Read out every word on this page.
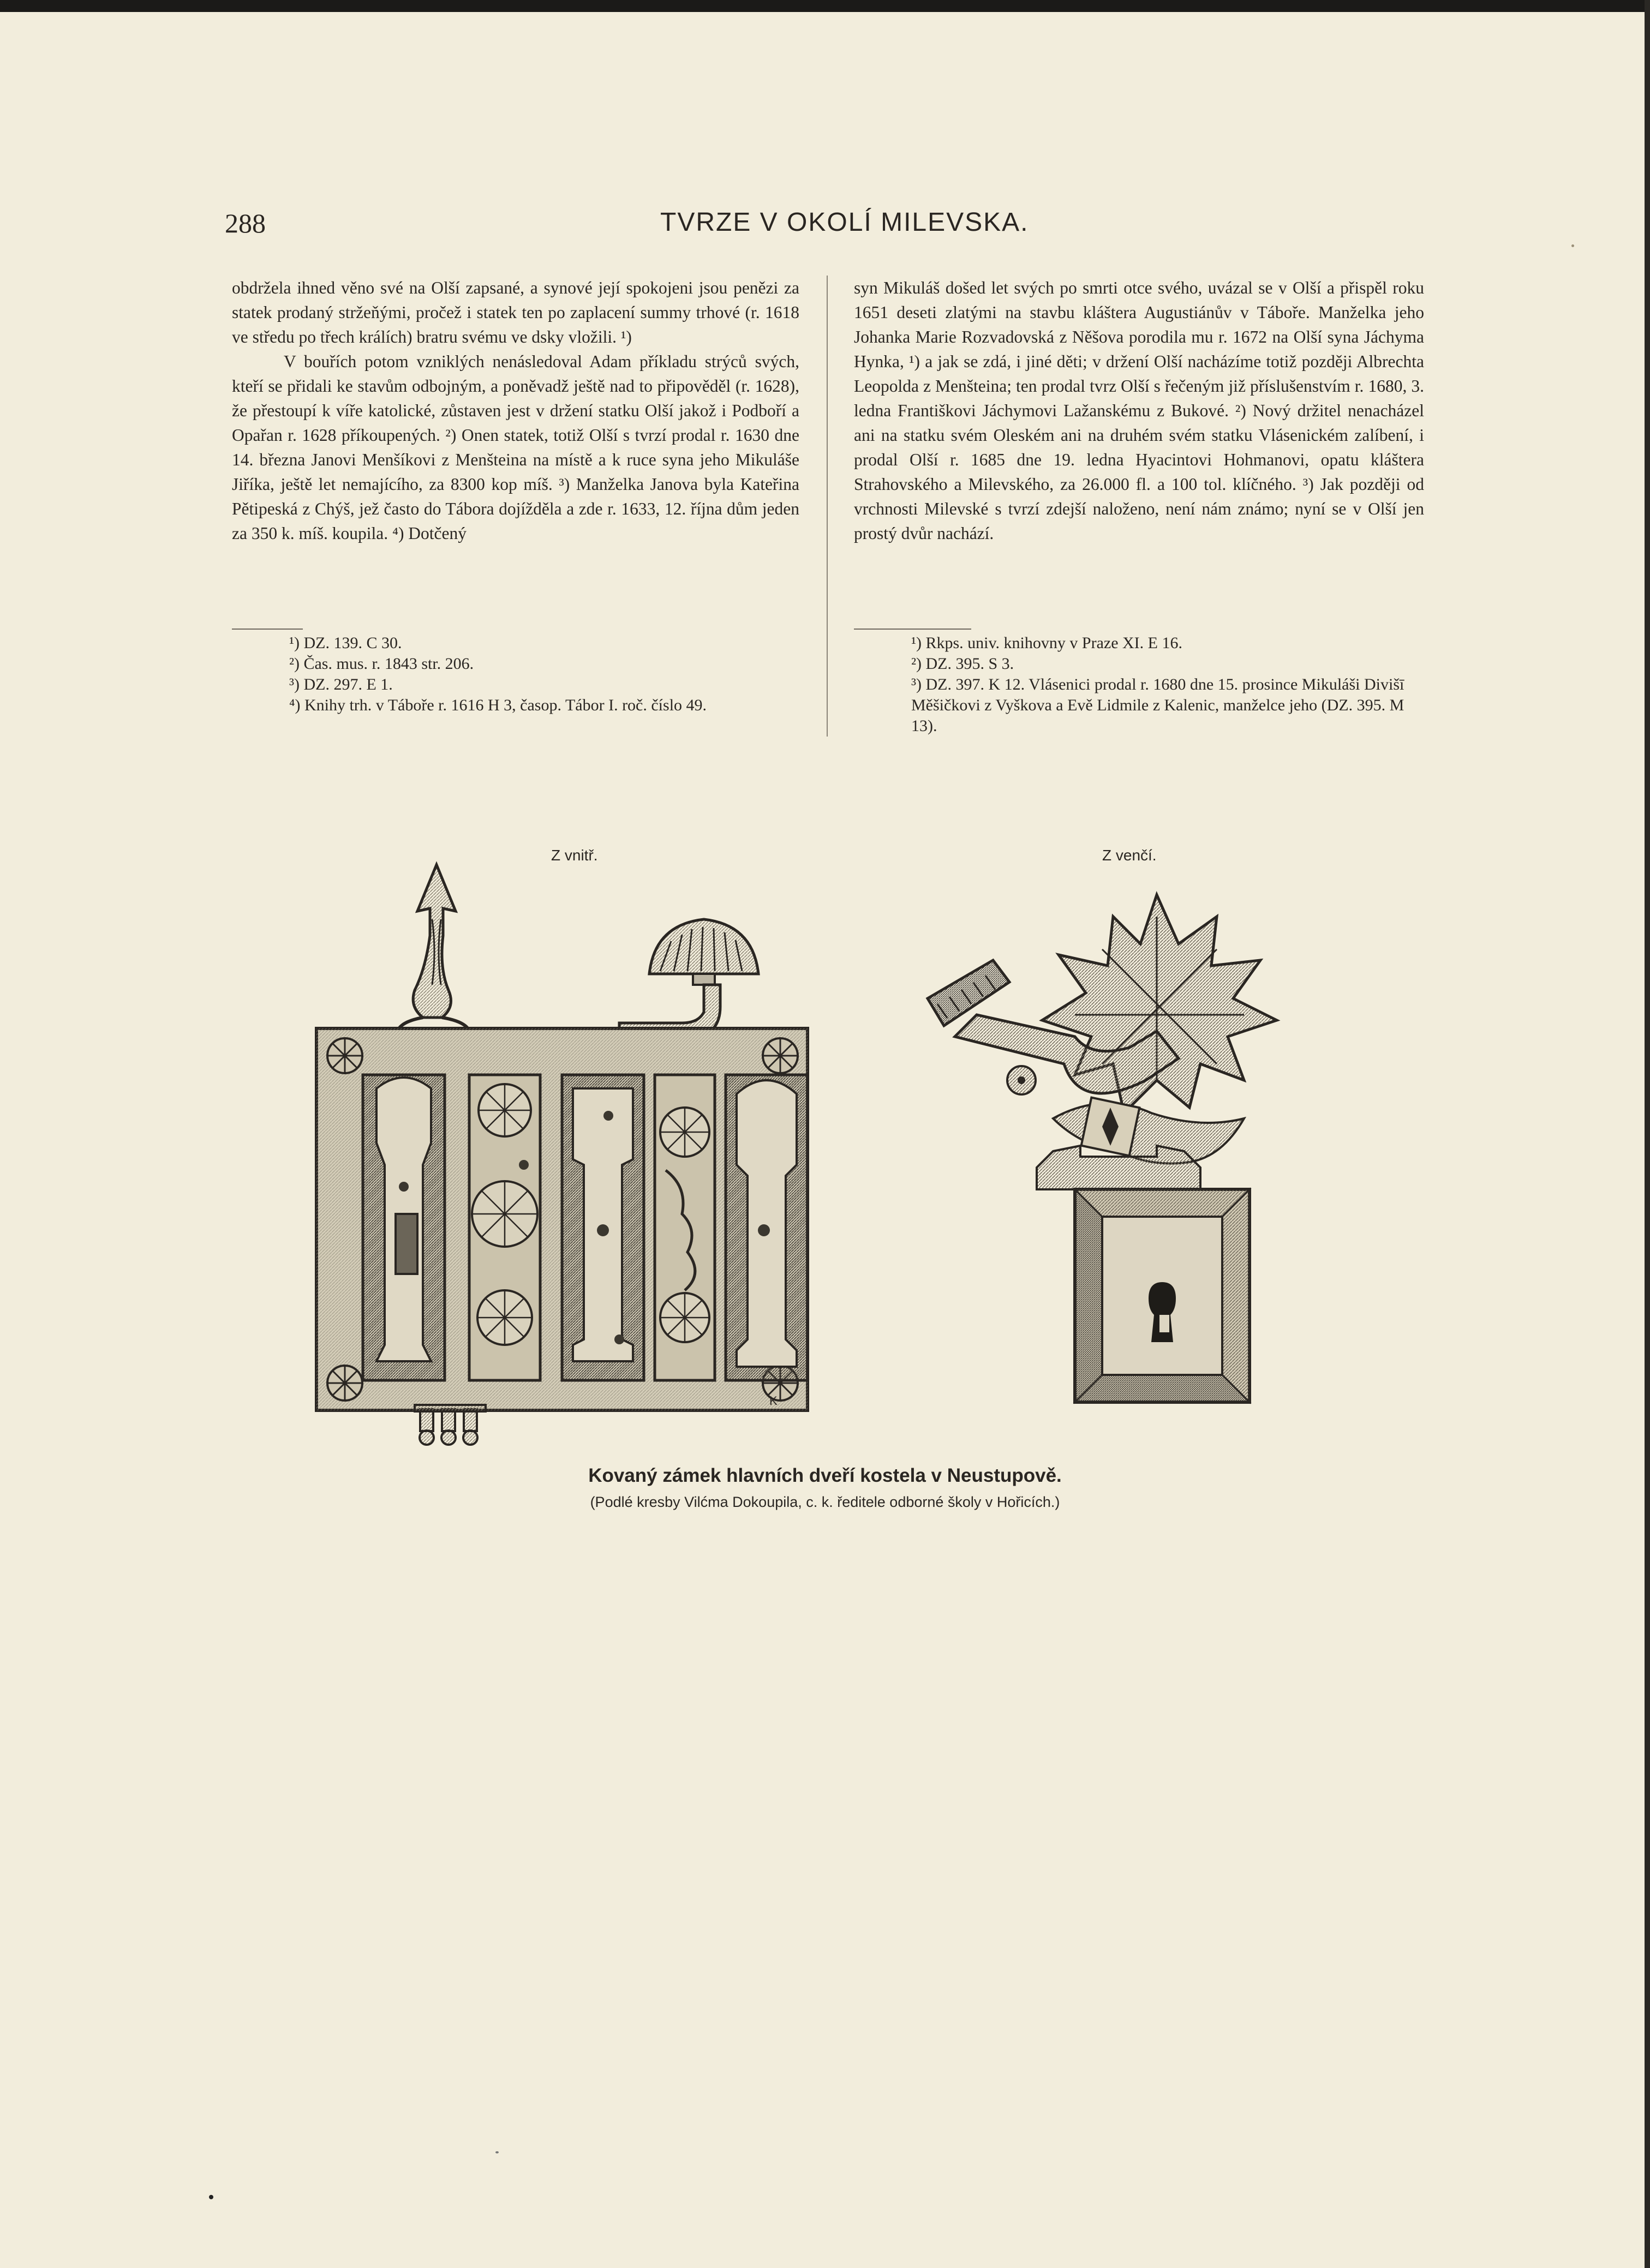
288	TVRZE V OKOLÍ MILEVSKA.

obdržela ihned věno své na Olší zapsané, a synové její spokojeni jsou penězi za statek prodaný stržeňými, pročež i statek ten po zaplacení summy trhové (r. 1618 ve středu po třech králích) bratru svému ve dsky vložili. ¹)

V bouřích potom vzniklých nenásledoval Adam příkladu strýců svých, kteří se přidali ke stavům odbojným, a poněvadž ještě nad to připověděl (r. 1628), že přestoupí k víře katolické, zůstaven jest v držení statku Olší jakož i Podboří a Opařan r. 1628 příkoupených. ²) Onen statek, totiž Olší s tvrzí prodal r. 1630 dne 14. března Janovi Menšíkovi z Menšteina na místě a k ruce syna jeho Mikuláše Jiříka, ještě let nemajícího, za 8300 kop míš. ³) Manželka Janova byla Kateřina Pětipeská z Chýš, jež často do Tábora dojížděla a zde r. 1633, 12. října dům jeden za 350 k. míš. koupila. ⁴) Dotčený

syn Mikuláš došed let svých po smrti otce svého, uvázal se v Olší a přispěl roku 1651 deseti zlatými na stavbu kláštera Augustiánův v Táboře. Manželka jeho Johanka Marie Rozvadovská z Něšova porodila mu r. 1672 na Olší syna Jáchyma Hynka, ¹) a jak se zdá, i jiné děti; v držení Olší nacházíme totiž později Albrechta Leopolda z Menšteina; ten prodal tvrz Olší s řečeným již příslušenstvím r. 1680, 3. ledna Františkovi Jáchymovi Lažanskému z Bukové. ²) Nový držitel nenacházel ani na statku svém Oleském ani na druhém svém statku Vlásenickém zalíbení, i prodal Olší r. 1685 dne 19. ledna Hyacintovi Hohmanovi, opatu kláštera Strahovského a Milevského, za 26.000 fl. a 100 tol. klíčného. ³) Jak později od vrchnosti Milevské s tvrzí zdejší naloženo, není nám známo; nyní se v Olší jen prostý dvůr nachází.

¹) DZ. 139. C 30.
²) Čas. mus. r. 1843 str. 206.
³) DZ. 297. E 1.
⁴) Knihy trh. v Táboře r. 1616 H 3, časop. Tábor I. roč. číslo 49.
¹) Rkps. univ. knihovny v Praze XI. E 16.
²) DZ. 395. S 3.
³) DZ. 397. K 12. Vlásenici prodal r. 1680 dne 15. prosince Mikuláši Divišī Měšičkovi z Vyškova a Evě Lidmile z Kalenic, manželce jeho (DZ. 395. M 13).
Z vnitř.	Z venčí.
K
Kovaný zámek hlavních dveří kostela v Neustupově.
(Podlé kresby Vilćma Dokoupila, c. k. ředitele odborné školy v Hořicích.)
